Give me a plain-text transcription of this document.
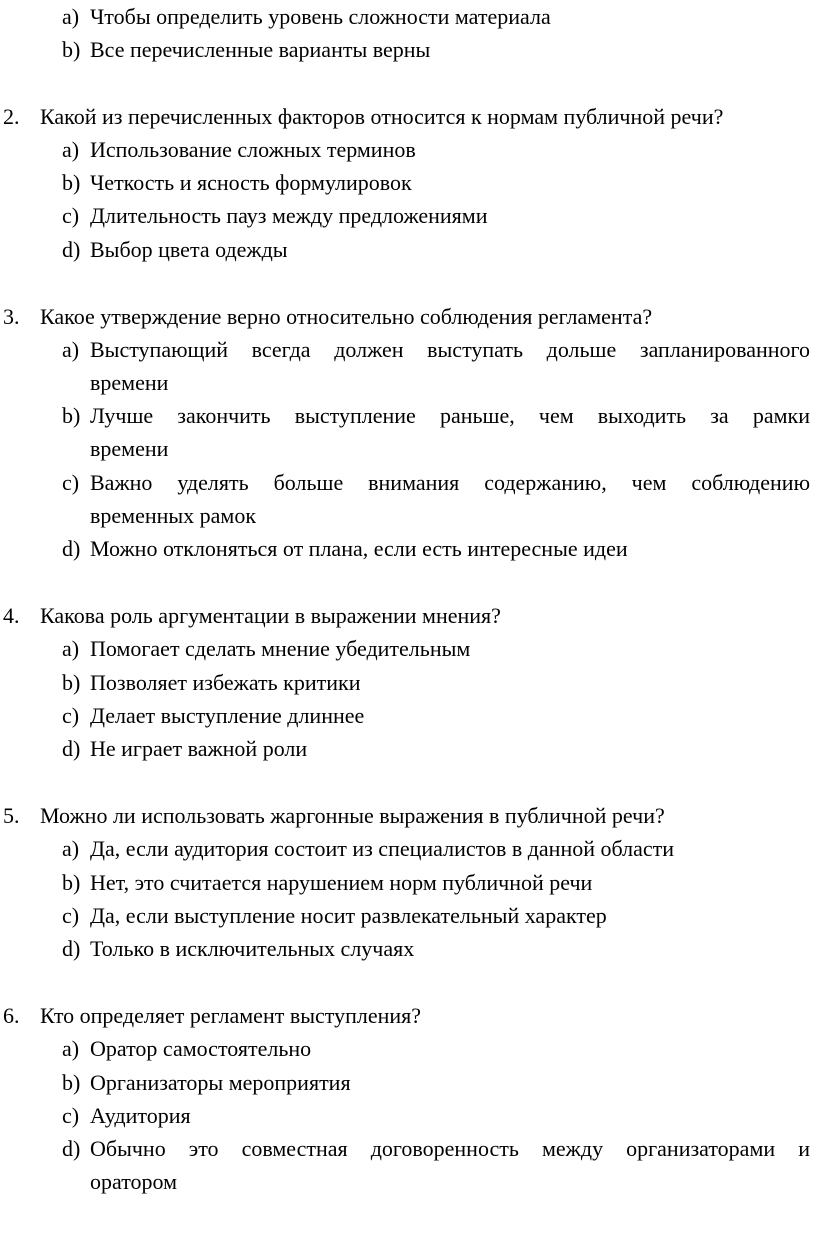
a) Чтобы определить уровень сложности материала
b) Все перечисленные варианты верны
2. Какой из перечисленных факторов относится к нормам публичной речи?
a) Использование сложных терминов
b) Четкость и ясность формулировок
c) Длительность пауз между предложениями
d) Выбор цвета одежды
3. Какое утверждение верно относительно соблюдения регламента?
a) Выступающий всегда должен выступать дольше запланированного
времени
b) Лучше закончить выступление раньше, чем выходить за рамки
времени
c) Важно уделять больше внимания содержанию, чем соблюдению
временных рамок
d) Можно отклоняться от плана, если есть интересные идеи
4. Какова роль аргументации в выражении мнения?
a) Помогает сделать мнение убедительным
b) Позволяет избежать критики
c) Делает выступление длиннее
d) Не играет важной роли
5. Можно ли использовать жаргонные выражения в публичной речи?
a) Да, если аудитория состоит из специалистов в данной области
b) Нет, это считается нарушением норм публичной речи
c) Да, если выступление носит развлекательный характер
d) Только в исключительных случаях
6. Кто определяет регламент выступления?
a) Оратор самостоятельно
b) Организаторы мероприятия
c) Аудитория
d) Обычно это совместная договоренность между организаторами и
оратором
